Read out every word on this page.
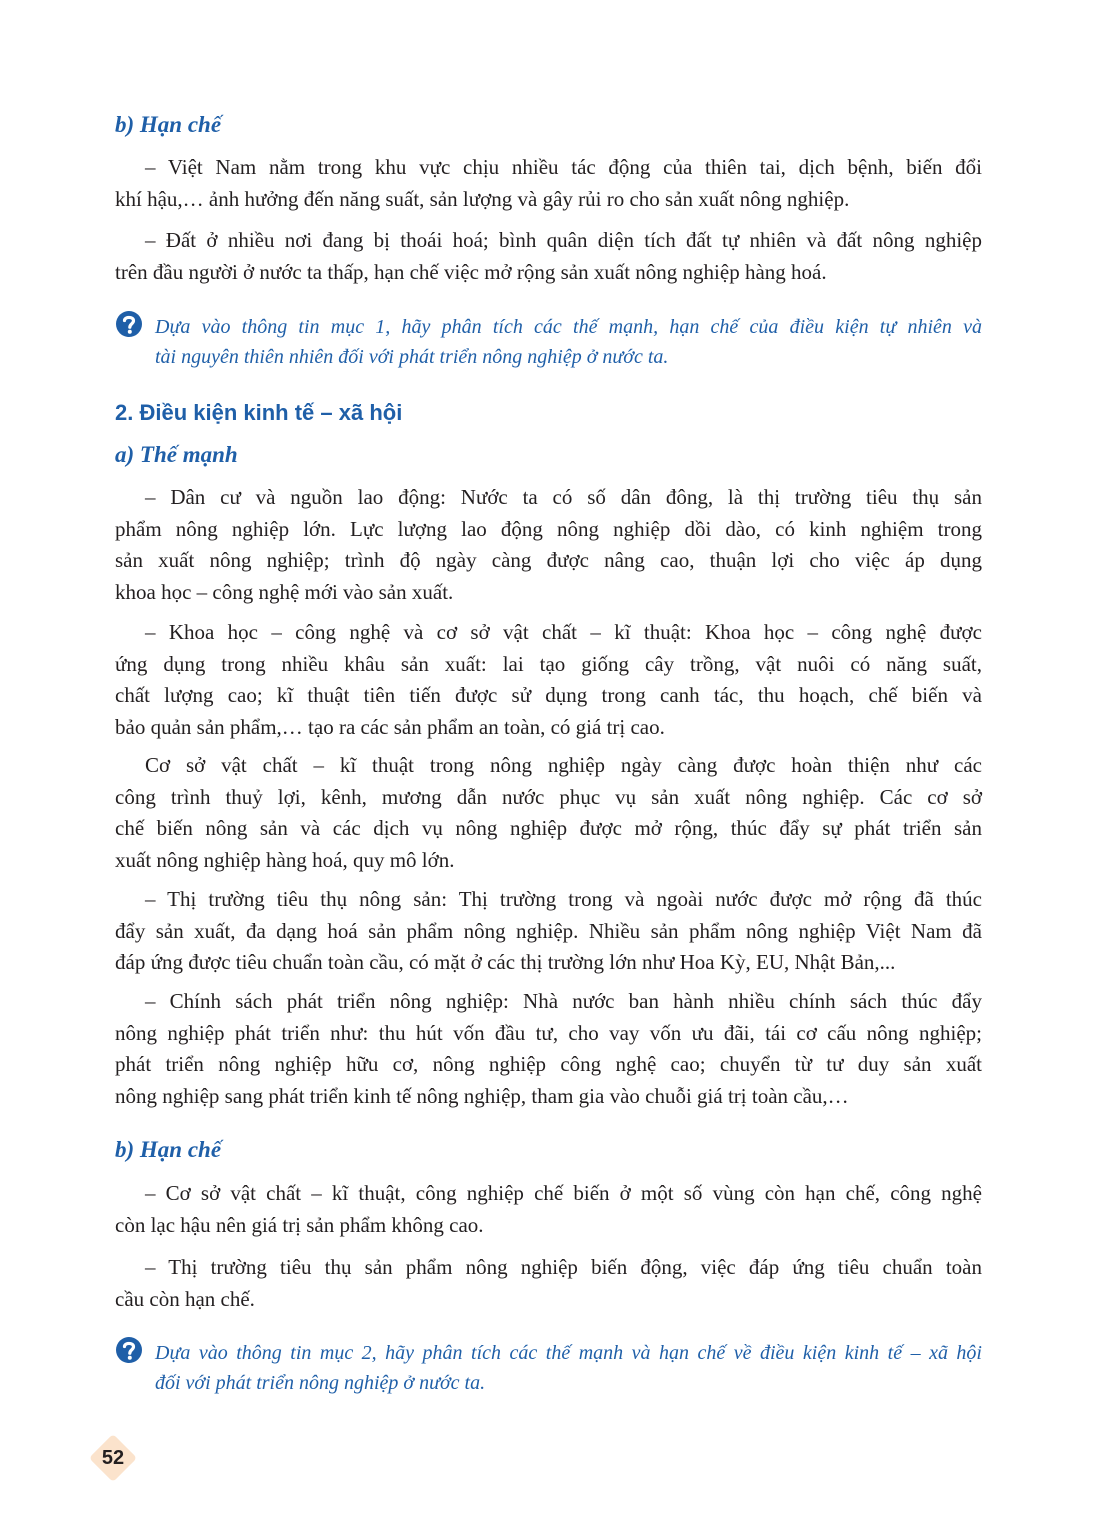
b) Hạn chế
– Việt Nam nằm trong khu vực chịu nhiều tác động của thiên tai, dịch bệnh, biến đổi
khí hậu,… ảnh hưởng đến năng suất, sản lượng và gây rủi ro cho sản xuất nông nghiệp.
– Đất ở nhiều nơi đang bị thoái hoá; bình quân diện tích đất tự nhiên và đất nông nghiệp
trên đầu người ở nước ta thấp, hạn chế việc mở rộng sản xuất nông nghiệp hàng hoá.
Dựa vào thông tin mục 1, hãy phân tích các thế mạnh, hạn chế của điều kiện tự nhiên và
tài nguyên thiên nhiên đối với phát triển nông nghiệp ở nước ta.
2. Điều kiện kinh tế – xã hội
a) Thế mạnh
– Dân cư và nguồn lao động: Nước ta có số dân đông, là thị trường tiêu thụ sản
phẩm nông nghiệp lớn. Lực lượng lao động nông nghiệp dồi dào, có kinh nghiệm trong
sản xuất nông nghiệp; trình độ ngày càng được nâng cao, thuận lợi cho việc áp dụng
khoa học – công nghệ mới vào sản xuất.
– Khoa học – công nghệ và cơ sở vật chất – kĩ thuật: Khoa học – công nghệ được
ứng dụng trong nhiều khâu sản xuất: lai tạo giống cây trồng, vật nuôi có năng suất,
chất lượng cao; kĩ thuật tiên tiến được sử dụng trong canh tác, thu hoạch, chế biến và
bảo quản sản phẩm,… tạo ra các sản phẩm an toàn, có giá trị cao.
Cơ sở vật chất – kĩ thuật trong nông nghiệp ngày càng được hoàn thiện như các
công trình thuỷ lợi, kênh, mương dẫn nước phục vụ sản xuất nông nghiệp. Các cơ sở
chế biến nông sản và các dịch vụ nông nghiệp được mở rộng, thúc đẩy sự phát triển sản
xuất nông nghiệp hàng hoá, quy mô lớn.
– Thị trường tiêu thụ nông sản: Thị trường trong và ngoài nước được mở rộng đã thúc
đẩy sản xuất, đa dạng hoá sản phẩm nông nghiệp. Nhiều sản phẩm nông nghiệp Việt Nam đã
đáp ứng được tiêu chuẩn toàn cầu, có mặt ở các thị trường lớn như Hoa Kỳ, EU, Nhật Bản,...
– Chính sách phát triển nông nghiệp: Nhà nước ban hành nhiều chính sách thúc đẩy
nông nghiệp phát triển như: thu hút vốn đầu tư, cho vay vốn ưu đãi, tái cơ cấu nông nghiệp;
phát triển nông nghiệp hữu cơ, nông nghiệp công nghệ cao; chuyển từ tư duy sản xuất
nông nghiệp sang phát triển kinh tế nông nghiệp, tham gia vào chuỗi giá trị toàn cầu,…
b) Hạn chế
– Cơ sở vật chất – kĩ thuật, công nghiệp chế biến ở một số vùng còn hạn chế, công nghệ
còn lạc hậu nên giá trị sản phẩm không cao.
– Thị trường tiêu thụ sản phẩm nông nghiệp biến động, việc đáp ứng tiêu chuẩn toàn
cầu còn hạn chế.
Dựa vào thông tin mục 2, hãy phân tích các thế mạnh và hạn chế về điều kiện kinh tế – xã hội
đối với phát triển nông nghiệp ở nước ta.
52
